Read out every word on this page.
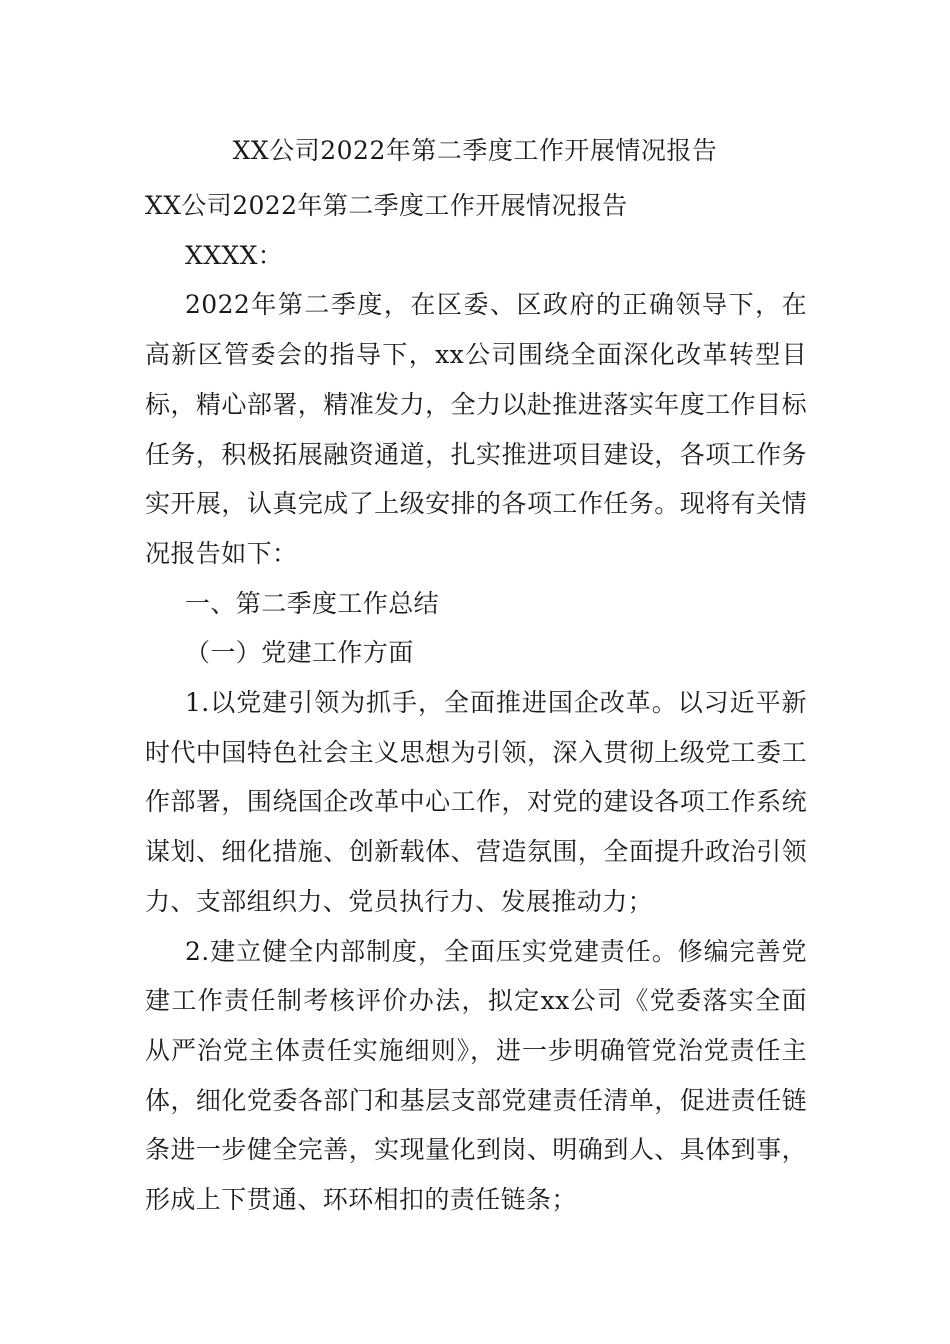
XX公司2022年第二季度工作开展情况报告

XX公司2022年第二季度工作开展情况报告

XXXX：

2022年第二季度，在区委、区政府的正确领导下，在高新区管委会的指导下，xx公司围绕全面深化改革转型目标，精心部署，精准发力，全力以赴推进落实年度工作目标任务，积极拓展融资通道，扎实推进项目建设，各项工作务实开展，认真完成了上级安排的各项工作任务。现将有关情况报告如下：

一、第二季度工作总结

（一）党建工作方面

1.以党建引领为抓手，全面推进国企改革。以习近平新时代中国特色社会主义思想为引领，深入贯彻上级党工委工作部署，围绕国企改革中心工作，对党的建设各项工作系统谋划、细化措施、创新载体、营造氛围，全面提升政治引领力、支部组织力、党员执行力、发展推动力；

2.建立健全内部制度，全面压实党建责任。修编完善党建工作责任制考核评价办法，拟定xx公司《党委落实全面从严治党主体责任实施细则》，进一步明确管党治党责任主体，细化党委各部门和基层支部党建责任清单，促进责任链条进一步健全完善，实现量化到岗、明确到人、具体到事，形成上下贯通、环环相扣的责任链条；
